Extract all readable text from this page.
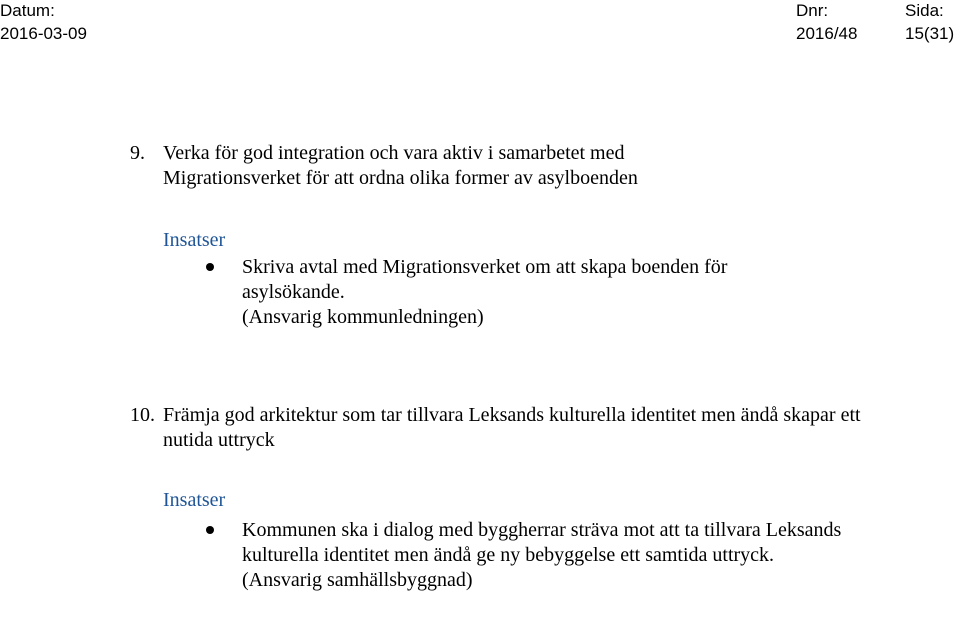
Datum:
2016-03-09
Dnr:
2016/48
Sida:
15(31)
9. Verka för god integration och vara aktiv i samarbetet med Migrationsverket för att ordna olika former av asylboenden
Insatser
Skriva avtal med Migrationsverket om att skapa boenden för asylsökande.
(Ansvarig kommunledningen)
10. Främja god arkitektur som tar tillvara Leksands kulturella identitet men ändå skapar ett nutida uttryck
Insatser
Kommunen ska i dialog med byggherrar sträva mot att ta tillvara Leksands kulturella identitet men ändå ge ny bebyggelse ett samtida uttryck.
(Ansvarig samhällsbyggnad)
